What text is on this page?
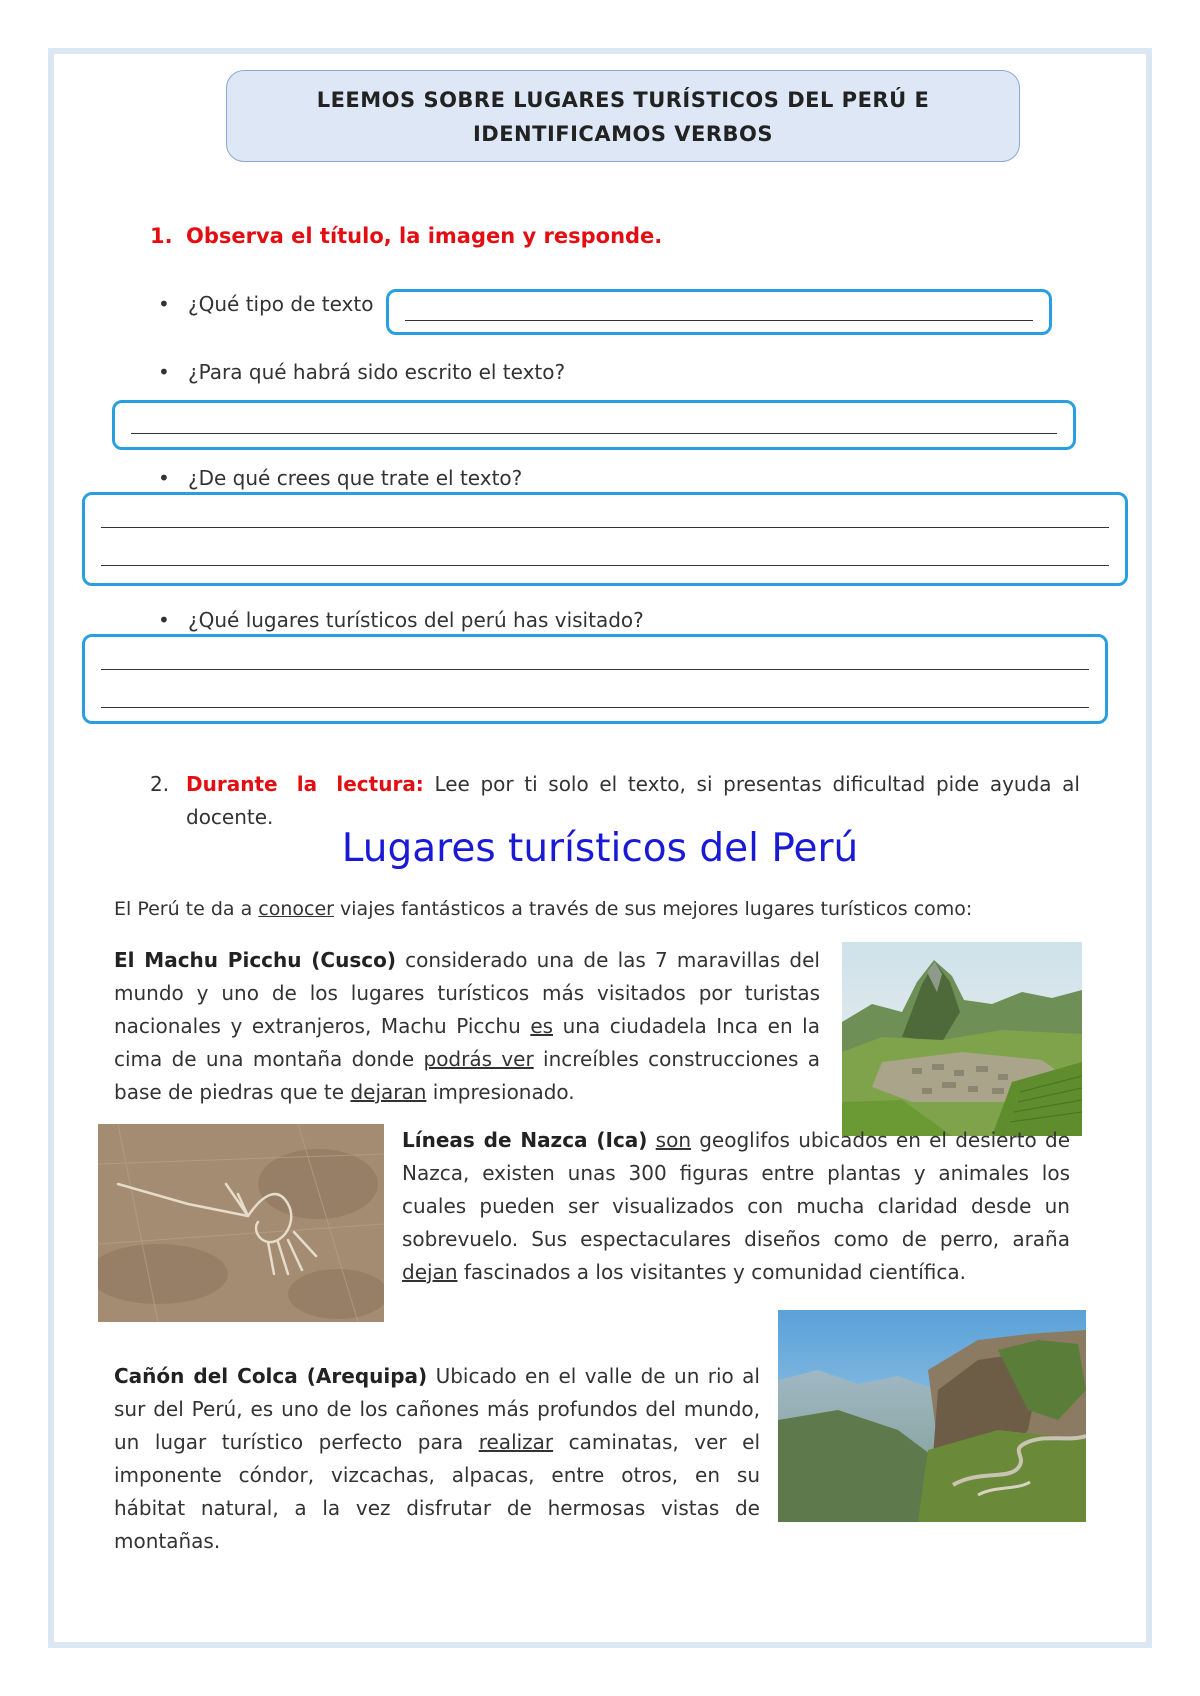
LEEMOS SOBRE LUGARES TURÍSTICOS DEL PERÚ E
IDENTIFICAMOS VERBOS
1. Observa el título, la imagen y responde.
• ¿Qué tipo de texto
• ¿Para qué habrá sido escrito el texto?
• ¿De qué crees que trate el texto?
• ¿Qué lugares turísticos del perú has visitado?
2. Durante la lectura: Lee por ti solo el texto, si presentas dificultad pide ayuda al docente.
Lugares turísticos del Perú
El Perú te da a conocer viajes fantásticos a través de sus mejores lugares turísticos como:
El Machu Picchu (Cusco) considerado una de las 7 maravillas del mundo y uno de los lugares turísticos más visitados por turistas nacionales y extranjeros, Machu Picchu es una ciudadela Inca en la cima de una montaña donde podrás ver increíbles construcciones a base de piedras que te dejaran impresionado.
Líneas de Nazca (Ica) son geoglifos ubicados en el desierto de Nazca, existen unas 300 figuras entre plantas y animales los cuales pueden ser visualizados con mucha claridad desde un sobrevuelo. Sus espectaculares diseños como de perro, araña dejan fascinados a los visitantes y comunidad científica.
Cañón del Colca (Arequipa) Ubicado en el valle de un rio al sur del Perú, es uno de los cañones más profundos del mundo, un lugar turístico perfecto para realizar caminatas, ver el imponente cóndor, vizcachas, alpacas, entre otros, en su hábitat natural, a la vez disfrutar de hermosas vistas de montañas.
